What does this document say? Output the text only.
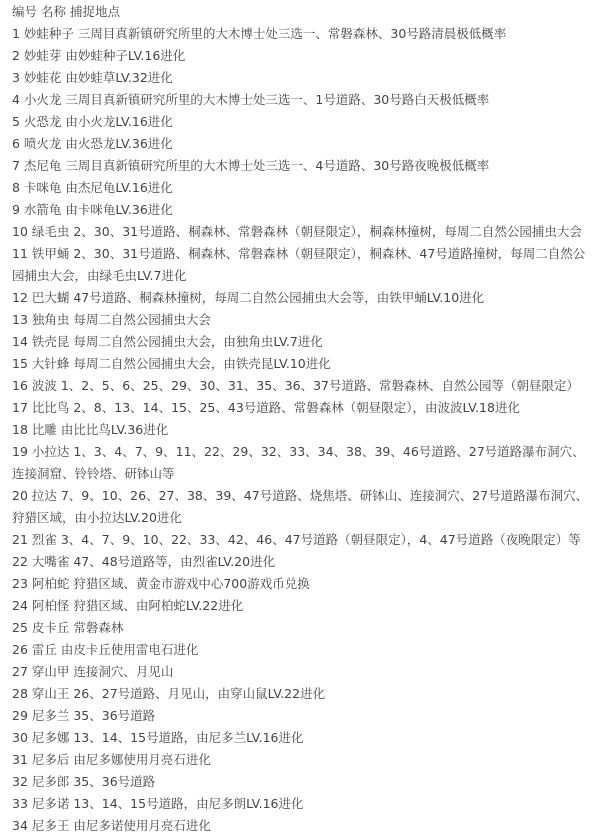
编号 名称 捕捉地点
1 妙蛙种子 三周目真新镇研究所里的大木博士处三选一、常磐森林、30号路清晨极低概率
2 妙蛙芽 由妙蛙种子LV.16进化
3 妙蛙花 由妙蛙草LV.32进化
4 小火龙 三周目真新镇研究所里的大木博士处三选一、1号道路、30号路白天极低概率
5 火恐龙 由小火龙LV.16进化
6 喷火龙 由火恐龙LV.36进化
7 杰尼龟 三周目真新镇研究所里的大木博士处三选一、4号道路、30号路夜晚极低概率
8 卡咪龟 由杰尼龟LV.16进化
9 水箭龟 由卡咪龟LV.36进化
10 绿毛虫 2、30、31号道路、桐森林、常磐森林（朝昼限定），桐森林撞树，每周二自然公园捕虫大会
11 铁甲蛹 2、30、31号道路、桐森林、常磐森林（朝昼限定），桐森林、47号道路撞树，每周二自然公园捕虫大会，由绿毛虫LV.7进化
12 巴大蝴 47号道路、桐森林撞树，每周二自然公园捕虫大会等，由铁甲蛹LV.10进化
13 独角虫 每周二自然公园捕虫大会
14 铁壳昆 每周二自然公园捕虫大会，由独角虫LV.7进化
15 大针蜂 每周二自然公园捕虫大会，由铁壳昆LV.10进化
16 波波 1、2、5、6、25、29、30、31、35、36、37号道路、常磐森林、自然公园等（朝昼限定）
17 比比鸟 2、8、13、14、15、25、43号道路、常磐森林（朝昼限定），由波波LV.18进化
18 比雕 由比比鸟LV.36进化
19 小拉达 1、3、4、7、9、11、22、29、32、33、34、38、39、46号道路、27号道路瀑布洞穴、连接洞窟、铃铃塔、研钵山等
20 拉达 7、9、10、26、27、38、39、47号道路、烧焦塔、研钵山、连接洞穴、27号道路瀑布洞穴、狩猎区域，由小拉达LV.20进化
21 烈雀 3、4、7、9、10、22、33、42、46、47号道路（朝昼限定），4、47号道路（夜晚限定）等
22 大嘴雀 47、48号道路等，由烈雀LV.20进化
23 阿柏蛇 狩猎区域、黄金市游戏中心700游戏币兑换
24 阿柏怪 狩猎区域、由阿柏蛇LV.22进化
25 皮卡丘 常磐森林
26 雷丘 由皮卡丘使用雷电石进化
27 穿山甲 连接洞穴、月见山
28 穿山王 26、27号道路、月见山，由穿山鼠LV.22进化
29 尼多兰 35、36号道路
30 尼多娜 13、14、15号道路，由尼多兰LV.16进化
31 尼多后 由尼多娜使用月亮石进化
32 尼多郎 35、36号道路
33 尼多诺 13、14、15号道路，由尼多朗LV.16进化
34 尼多王 由尼多诺使用月亮石进化
